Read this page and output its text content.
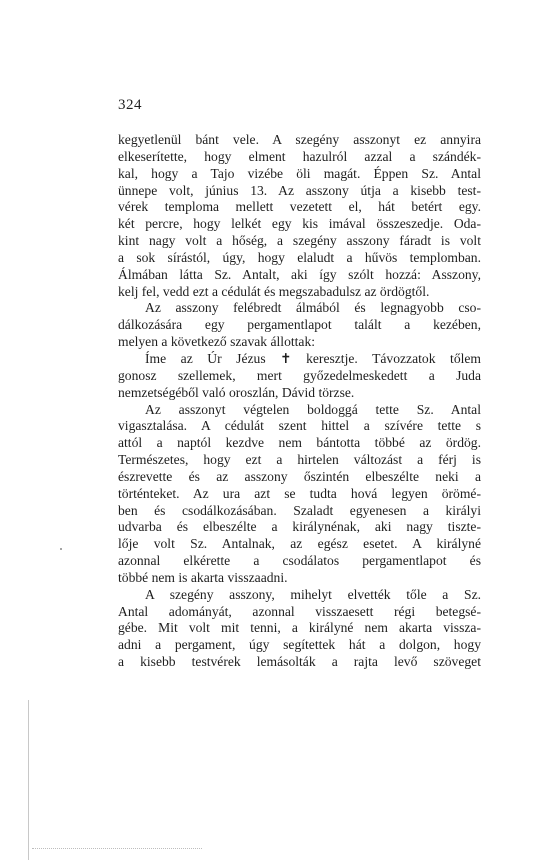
324
kegyetlenül bánt vele. A szegény asszonyt ez annyira
elkeserítette, hogy elment hazulról azzal a szándék-
kal, hogy a Tajo vizébe öli magát. Éppen Sz. Antal
ünnepe volt, június 13. Az asszony útja a kisebb test-
vérek temploma mellett vezetett el, hát betért egy.
két percre, hogy lelkét egy kis imával összeszedje. Oda-
kint nagy volt a hőség, a szegény asszony fáradt is volt
a sok sírástól, úgy, hogy elaludt a hűvös templomban.
Álmában látta Sz. Antalt, aki így szólt hozzá: Asszony,
kelj fel, vedd ezt a cédulát és megszabadulsz az ördögtől.
Az asszony felébredt álmából és legnagyobb cso-
dálkozására egy pergamentlapot talált a kezében,
melyen a következő szavak állottak:
Íme az Úr Jézus ✝ keresztje. Távozzatok tőlem
gonosz szellemek, mert győzedelmeskedett a Juda
nemzetségéből való oroszlán, Dávid törzse.
Az asszonyt végtelen boldoggá tette Sz. Antal
vigasztalása. A cédulát szent hittel a szívére tette s
attól a naptól kezdve nem bántotta többé az ördög.
Természetes, hogy ezt a hirtelen változást a férj is
észrevette és az asszony őszintén elbeszélte neki a
történteket. Az ura azt se tudta hová legyen örömé-
ben és csodálkozásában. Szaladt egyenesen a királyi
udvarba és elbeszélte a királynénak, aki nagy tiszte-
lője volt Sz. Antalnak, az egész esetet. A királyné
azonnal elkérette a csodálatos pergamentlapot és
többé nem is akarta visszaadni.
A szegény asszony, mihelyt elvették tőle a Sz.
Antal adományát, azonnal visszaesett régi betegsé-
gébe. Mit volt mit tenni, a királyné nem akarta vissza-
adni a pergament, úgy segítettek hát a dolgon, hogy
a kisebb testvérek lemásolták a rajta levő szöveget
